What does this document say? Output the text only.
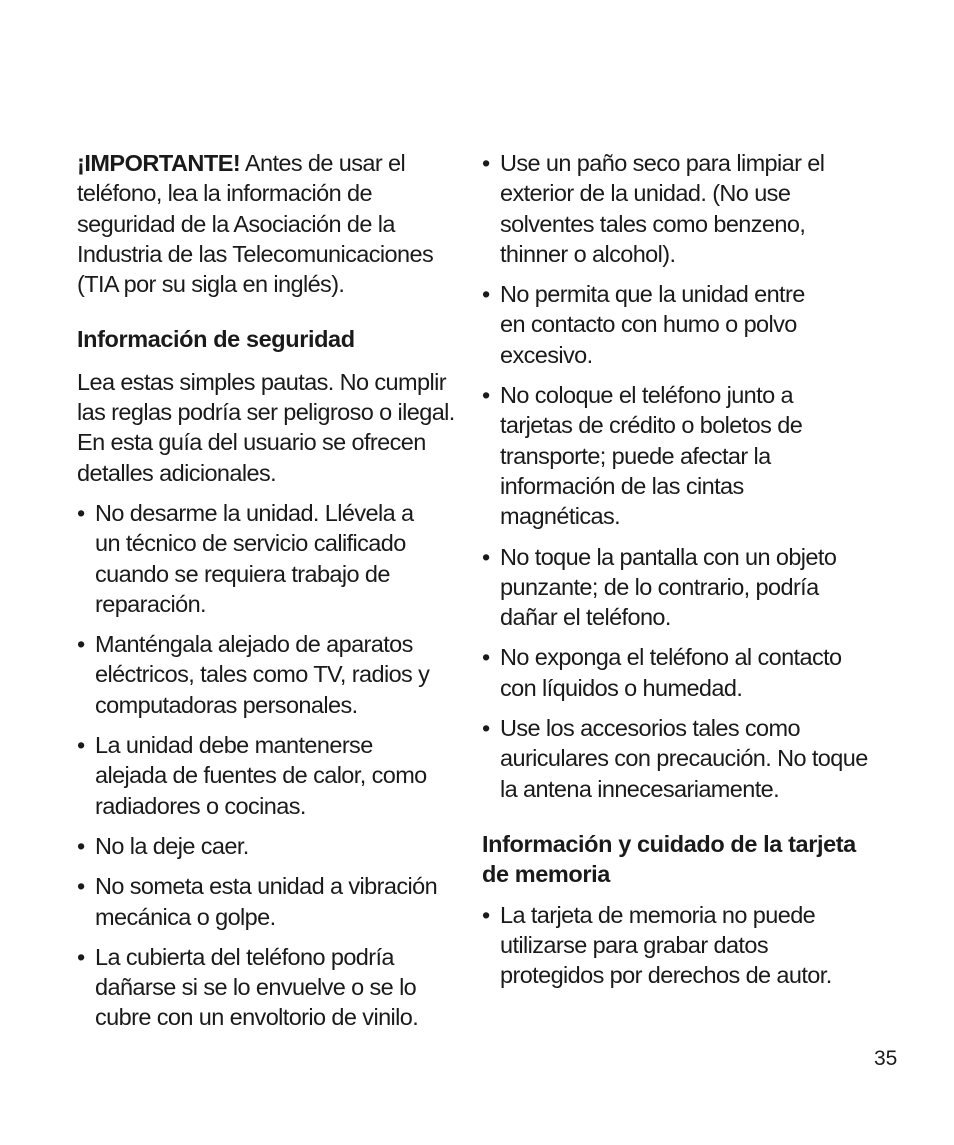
¡IMPORTANTE! Antes de usar el teléfono, lea la información de seguridad de la Asociación de la Industria de las Telecomunicaciones (TIA por su sigla en inglés).

Información de seguridad

Lea estas simples pautas. No cumplir las reglas podría ser peligroso o ilegal. En esta guía del usuario se ofrecen detalles adicionales.

• No desarme la unidad. Llévela a un técnico de servicio calificado cuando se requiera trabajo de reparación.
• Manténgala alejado de aparatos eléctricos, tales como TV, radios y computadoras personales.
• La unidad debe mantenerse alejada de fuentes de calor, como radiadores o cocinas.
• No la deje caer.
• No someta esta unidad a vibración mecánica o golpe.
• La cubierta del teléfono podría dañarse si se lo envuelve o se lo cubre con un envoltorio de vinilo.
• Use un paño seco para limpiar el exterior de la unidad. (No use solventes tales como benzeno, thinner o alcohol).
• No permita que la unidad entre en contacto con humo o polvo excesivo.
• No coloque el teléfono junto a tarjetas de crédito o boletos de transporte; puede afectar la información de las cintas magnéticas.
• No toque la pantalla con un objeto punzante; de lo contrario, podría dañar el teléfono.
• No exponga el teléfono al contacto con líquidos o humedad.
• Use los accesorios tales como auriculares con precaución. No toque la antena innecesariamente.
Información y cuidado de la tarjeta de memoria
• La tarjeta de memoria no puede utilizarse para grabar datos protegidos por derechos de autor.
35
